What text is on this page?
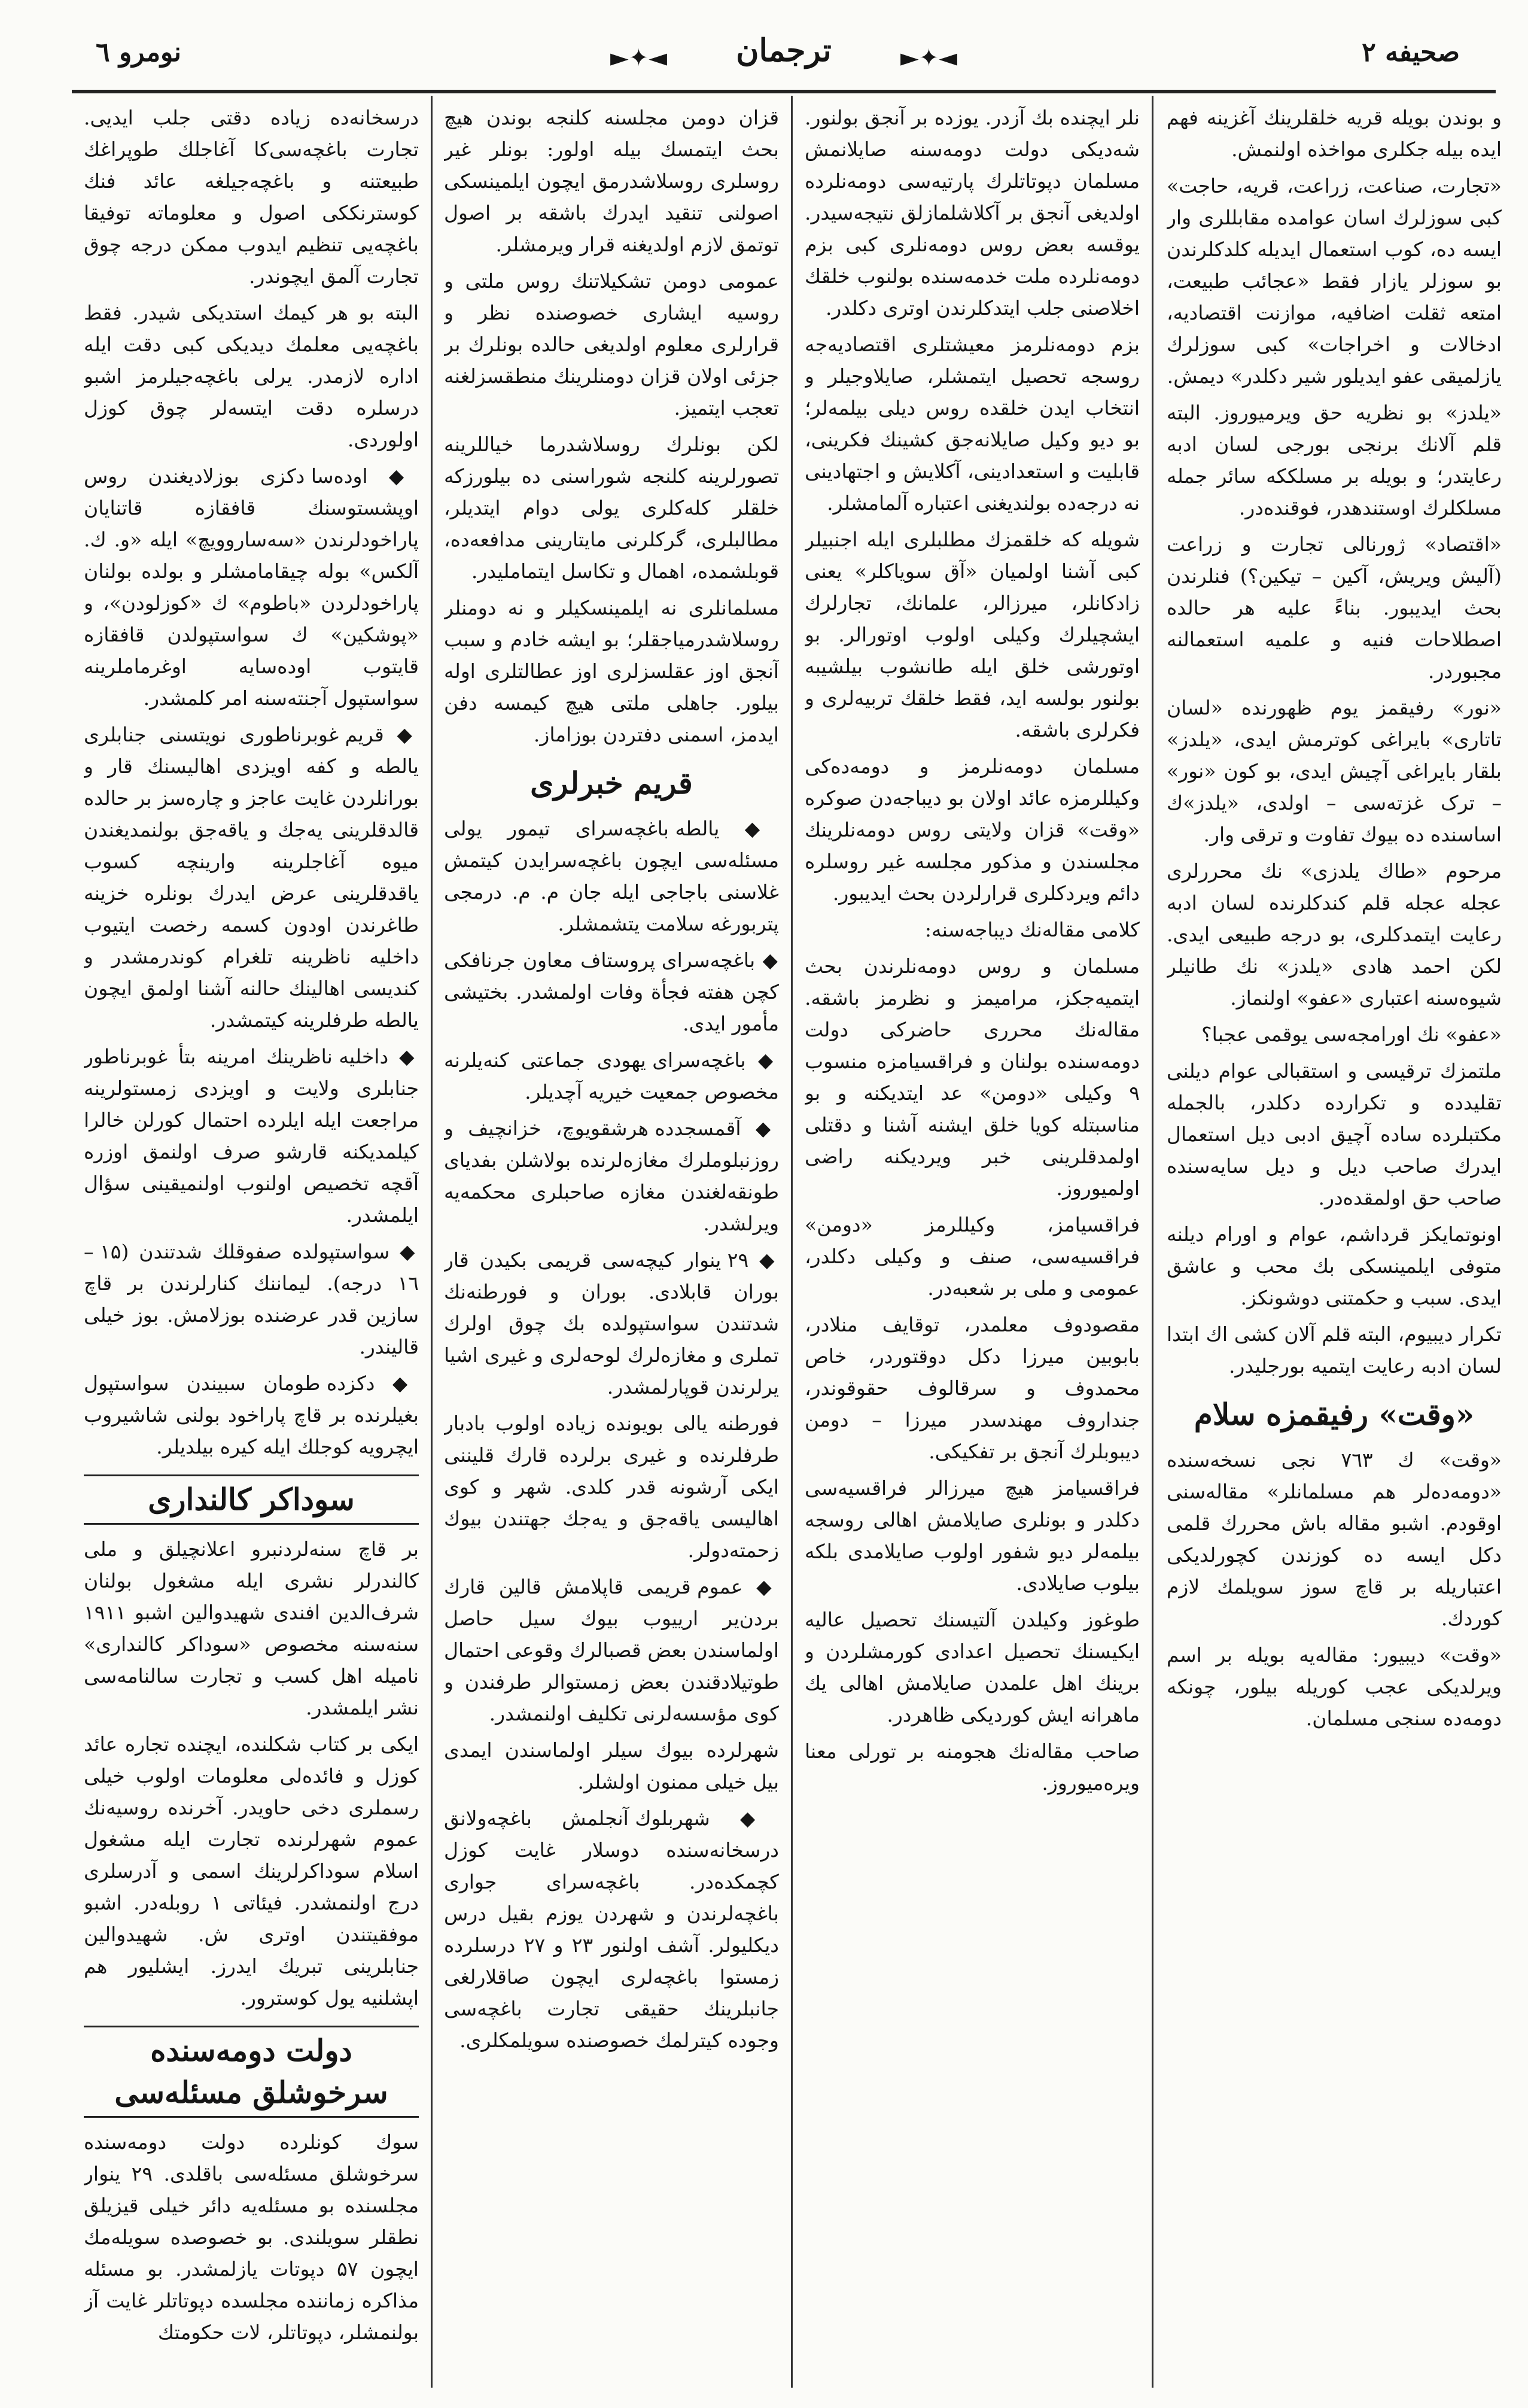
صحیفه ۲
◄✦►
ترجمان
◄✦►
نومرو ٦

و بوندن بویله قریه خلقلرینك آغزینه فهم ایده بیله جکلری مواخذه اولنمش.

«تجارت، صناعت، زراعت، قریه، حاجت» کبی سوزلرك اسان عوامده مقابللری وار ایسه ده، کوب استعمال ایدیله کلدکلرندن بو سوزلر یازار فقط «عجائب طبیعت، امتعه ثقلت اضافیه، موازنت اقتصادیه، ادخالات و اخراجات» کبی سوزلرك یازلمیقی عفو ایدیلور شیر دکلدر» دیمش.

«یلدز» بو نظریه حق ویرمیوروز. البته قلم آلانك برنجی بورجی لسان ادبه رعایتدر؛ و بویله بر مسلککه سائر جمله مسلکلرك اوستندهدر، فوقنده‌در.

«اقتصاد» ژورنالی تجارت و زراعت (آلیش ویریش، آکین – تیکین؟) فنلرندن بحث ایدیبور. بناءً علیه هر حالده اصطلاحات فنیه و علمیه استعمالنه مجبوردر.

«نور» رفیقمز یوم ظهورنده «لسان تاتاری» بایراغی کوترمش ایدی، «یلدز» بلقار بایراغی آچیش ایدی، بو کون «نور» – ترک غزته‌سی – اولدی، «یلدز»ك اساسنده ده بیوك تفاوت و ترقی وار.

مرحوم «طاك یلدزی» نك محررلری عجله عجله قلم کندکلرنده لسان ادبه رعایت ایتمدکلری، بو درجه طبیعی ایدی. لکن احمد هادی «یلدز» نك طانیلر شیوه‌سنه اعتباری «عفو» اولنماز.

«عفو» نك اورامجه‌سی یوقمی عجبا؟

ملتمزك ترقیسی و استقبالی عوام دیلنی تقلیدده و تکرارده دکلدر، بالجمله مکتبلرده ساده آچیق ادبی دیل استعمال ایدرك صاحب دیل و دیل سایه‌سنده صاحب حق اولمقده‌در.

اونوتمایکز قرداشم، عوام و اورام دیلنه متوفی ایلمینسکی بك محب و عاشق ایدی. سبب و حکمتنی دوشونکز.

تکرار دیبیوم، البته قلم آلان کشی اك ابتدا لسان ادبه رعایت ایتمیه بورجلیدر.

«وقت» رفیقمزه سلام

«وقت» ك ٧٦٣ نجی نسخه‌سنده «دومه‌ده‌لر هم مسلمانلر» مقاله‌سنی اوقودم. اشبو مقاله باش محررك قلمی دکل ایسه ده کوزندن کچورلدیکی اعتباریله بر قاچ سوز سویلمك لازم کوردك.

«وقت» دیبیور: مقاله‌یه بویله بر اسم ویرلدیکی عجب کوریله بیلور، چونکه دومه‌ده سنجی مسلمان.

نلر ایچنده بك آزدر. یوزده بر آنجق بولنور. شه‌دیکی دولت دومه‌سنه صایلانمش مسلمان دپوتاتلرك پارتیه‌سی دومه‌نلرده اولدیغی آنجق بر آکلاشلمازلق نتیجه‌سیدر. یوقسه بعض روس دومه‌نلری کبی بزم دومه‌نلرده ملت خدمه‌سنده بولنوب خلقك اخلاصنی جلب ایتدکلرندن اوتری دکلدر.

بزم دومه‌نلرمز معیشتلری اقتصادیه‌جه روسجه تحصیل ایتمشلر، صایلاوجیلر و انتخاب ایدن خلقده روس دیلی بیلمه‌لر؛ بو دیو وکیل صایلانه‌جق کشینك فکرینی، قابلیت و استعدادینی، آکلایش و اجتهادینی نه درجه‌ده بولندیغنی اعتباره آلمامشلر.

شویله که خلقمزك مطلبلری ایله اجنبیلر کبی آشنا اولمیان «آق سویاکلر» یعنی زادکانلر، میرزالر، علمانك، تجارلرك ایشچیلرك وکیلی اولوب اوتورالر. بو اوتورشی خلق ایله طانشوب بیلشیبه بولنور بولسه اید، فقط خلقك تربیه‌لری و فکرلری باشقه.

مسلمان دومه‌نلرمز و دومه‌ده‌کی وکیللرمزه عائد اولان بو دیباجه‌دن صوکره «وقت» قزان ولایتی روس دومه‌نلرینك مجلسندن و مذکور مجلسه غیر روسلره دائم ویردکلری قرارلردن بحث ایدیبور.

کلامی مقاله‌نك دیباجه‌سنه:

مسلمان و روس دومه‌نلرندن بحث ایتمیه‌جکز، مرامیمز و نظرمز باشقه. مقاله‌نك محرری حاضرکی دولت دومه‌سنده بولنان و فراقسیامزه منسوب ۹ وکیلی «دومن» عد ایتدیکنه و بو مناسبتله کویا خلق ایشنه آشنا و دقتلی اولمدقلرینی خبر ویردیکنه راضی اولمیوروز.

فراقسیامز، وکیللرمز «دومن» فراقسیه‌سی، صنف و وکیلی دکلدر، عمومی و ملی بر شعبه‌در.

مقصودوف معلمدر، توقایف منلادر، بابوبین میرزا دکل دوقتوردر، خاص محمدوف و سرقالوف حقوقوندر، جنداروف مهندسدر میرزا – دومن دیبوبلرك آنجق بر تفکیکی.

فراقسیامز هیچ میرزالر فراقسیه‌سی دکلدر و بونلری صایلامش اهالی روسجه بیلمه‌لر دیو شفور اولوب صایلامدی بلکه بیلوب صایلادی.

طوغوز وکیلدن آلتیسنك تحصیل عالیه ایکیسنك تحصیل اعدادی کورمشلردن و برینك اهل علمدن صایلامش اهالی یك ماهرانه ایش کوردیکی ظاهردر.

صاحب مقاله‌نك هجومنه بر تورلی معنا ویره‌میوروز.

قزان دومن مجلسنه کلنجه بوندن هیچ بحث ایتمسك بیله اولور: بونلر غیر روسلری روسلاشدرمق ایچون ایلمینسکی اصولنی تنقید ایدرك باشقه بر اصول توتمق لازم اولدیغنه قرار ویرمشلر.

عمومی دومن تشکیلاتنك روس ملتی و روسیه ایشاری خصوصنده نظر و قرارلری معلوم اولدیغی حالده بونلرك بر جزئی اولان قزان دومنلرینك منطقسزلغنه تعجب ایتمیز.

لکن بونلرك روسلاشدرما خیاللرینه تصورلرینه کلنجه شوراسنی ده بیلورزکه خلقلر کله‌کلری یولی دوام ایتدیلر، مطالبلری، گرکلرنی مایتارینی مدافعه‌ده، قوبلشمده، اهمال و تکاسل ایتماملیدر.

مسلمانلری نه ایلمینسکیلر و نه دومنلر روسلاشدرمیاجقلر؛ بو ایشه خادم و سبب آنجق اوز عقلسزلری اوز عطالتلری اوله بیلور. جاهلی ملتی هیچ کیمسه دفن ایدمز، اسمنی دفتردن بوزاماز.

قریم خبرلری

◆ یالطه باغچه‌سرای تیمور یولی مسئله‌سی ایچون باغچه‌سرایدن کیتمش غلاسنی باجاجی ایله جان م. م. درمجی پتربورغه سلامت یتشمشلر.

◆ باغچه‌سرای پروستاف معاون جرنافکی کچن هفته فجأة وفات اولمشدر. بختیشی مأمور ایدی.

◆ باغچه‌سرای یهودی جماعتی کنه‌یلرنه مخصوص جمعیت خیریه آچدیلر.

◆ آقمسجدده هرشقویوچ، خزانچیف و روزنبلوملرك مغازه‌لرنده بولاشلن بفدیای طونقه‌لغندن مغازه صاحبلری محکمه‌یه ویرلشدر.

◆ ۲۹ ینوار کیچه‌سی قریمی بکیدن قار بوران قابلادی. بوران و فورطنه‌نك شدتندن سواستپولده بك چوق اولرك تملری و مغازه‌لرك لوحه‌لری و غیری اشیا یرلرندن قوپارلمشدر.

فورطنه یالی بویونده زیاده اولوب بادبار طرفلرنده و غیری برلرده قارك قلیننی ایکی آرشونه قدر کلدی. شهر و کوی اهالیسی یاقه‌جق و یه‌جك جهتندن بیوك زحمته‌دولر.

◆ عموم قریمی قاپلامش قالین قارك بردن‌یر ارییوب بیوك سیل حاصل اولماسندن بعض قصبالرك وقوعی احتمال طوتیلادقندن بعض زمستوالر طرفندن و کوی مؤسسه‌لرنی تکلیف اولنمشدر.

شهرلرده بیوك سیلر اولماسندن ایمدی بیل خیلی ممنون اولشلر.

◆ شهربلوك آنجلمش باغچه‌ولانق درسخانه‌سنده دوسلار غایت کوزل کچمکده‌در. باغچه‌سرای جواری باغچه‌لرندن و شهردن یوزم بقیل درس دیکلیولر. آشف اولنور ۲۳ و ۲۷ درسلرده زمستوا باغچه‌لری ایچون صاقلارلغی جانبلرینك حقیقی تجارت باغچه‌سی وجوده کیترلمك خصوصنده سویلمکلری.

درسخانه‌ده زیاده دقتی جلب ایدیی. تجارت باغچه‌سی‌کا آغاجلك طوپراغك طبیعتنه و باغچه‌جیلغه عائد فنك کوسترنککی اصول و معلوماته توفیقا باغچه‌یی تنظیم ایدوب ممکن درجه چوق تجارت آلمق ایچوندر.

البته بو هر کیمك استدیکی شیدر. فقط باغچه‌یی معلمك دیدیکی کبی دقت ایله اداره لازمدر. یرلی باغچه‌جیلرمز اشبو درسلره دقت ایتسه‌لر چوق کوزل اولوردی.

◆ اوده‌سا دکزی بوزلادیغندن روس اوپشستوسنك قافقازه قاتنایان پاراخودلرندن «سه‌ساروویچ» ایله «و. ك. آلکس» بوله چیقامامشلر و بولده بولنان پاراخودلردن «باطوم» ك «کوزلودن»، و «پوشکین» ك سواستپولدن قافقازه قایتوب اوده‌سایه اوغرماملرینه سواستپول آجنته‌سنه امر کلمشدر.

◆ قریم غوبرناطوری نویتسنی جنابلری یالطه و کفه اویزدی اهالیسنك قار و بورانلردن غایت عاجز و چاره‌سز بر حالده قالدقلرینی یه‌جك و یاقه‌جق بولنمدیغندن میوه آغاجلرینه وارینچه کسوب یاقدقلرینی عرض ایدرك بونلره خزینه طاغرندن اودون کسمه رخصت ایتیوب داخلیه ناظرینه تلغرام کوندرمشدر و کندیسی اهالینك حالنه آشنا اولمق ایچون یالطه طرفلرینه کیتمشدر.

◆ داخلیه ناظرینك امرینه بتأ غوبرناطور جنابلری ولایت و اویزدی زمستولرینه مراجعت ایله ایلرده احتمال کورلن خالرا کیلمدیکنه قارشو صرف اولنمق اوزره آقچه تخصیص اولنوب اولنمیقینی سؤال ایلمشدر.

◆ سواستپولده صفوقلك شدتندن (۱۵ – ۱٦ درجه). لیماننك کنارلرندن بر قاچ سازین قدر عرضنده بوزلامش. بوز خیلی قالیندر.

◆ دکزده طومان سبیندن سواستپول بغیلرنده بر قاچ پاراخود بولنی شاشیروب ایچرویه کوجلك ایله کیره بیلدیلر.

سوداکر کالندارى

بر قاچ سنه‌لردنبرو اعلانچیلق و ملی کالندرلر نشری ایله مشغول بولنان شرف‌الدین افندی شهیدوالین اشبو ۱۹۱۱ سنه‌سنه مخصوص «سوداکر کالنداری» نامیله اهل کسب و تجارت سالنامه‌سی نشر ایلمشدر.

ایکی بر کتاب شکلنده، ایچنده تجاره عائد کوزل و فائده‌لی معلومات اولوب خیلی رسملری دخی حاویدر. آخرنده روسیه‌نك عموم شهرلرنده تجارت ایله مشغول اسلام سوداکرلرینك اسمی و آدرسلری درج اولنمشدر. فیئاتی ۱ روبله‌در. اشبو موفقیتندن اوتری ش. شهیدوالین جنابلرینی تبریك ایدرز. ایشلیور هم اپشلنیه یول کوسترور.

دولت دومه‌سنده سرخوشلق مسئله‌سی

سوك کونلرده دولت دومه‌سنده سرخوشلق مسئله‌سی باقلدی. ۲۹ ینوار مجلسنده بو مسئله‌یه دائر خیلی قیزیلق نطقلر سویلندی. بو خصوصده سویله‌مك ایچون ۵۷ دپوتات یازلمشدر. بو مسئله مذاکره زماننده مجلسده دپوتاتلر غایت آز بولنمشلر، دپوتاتلر، لات حکومتك
